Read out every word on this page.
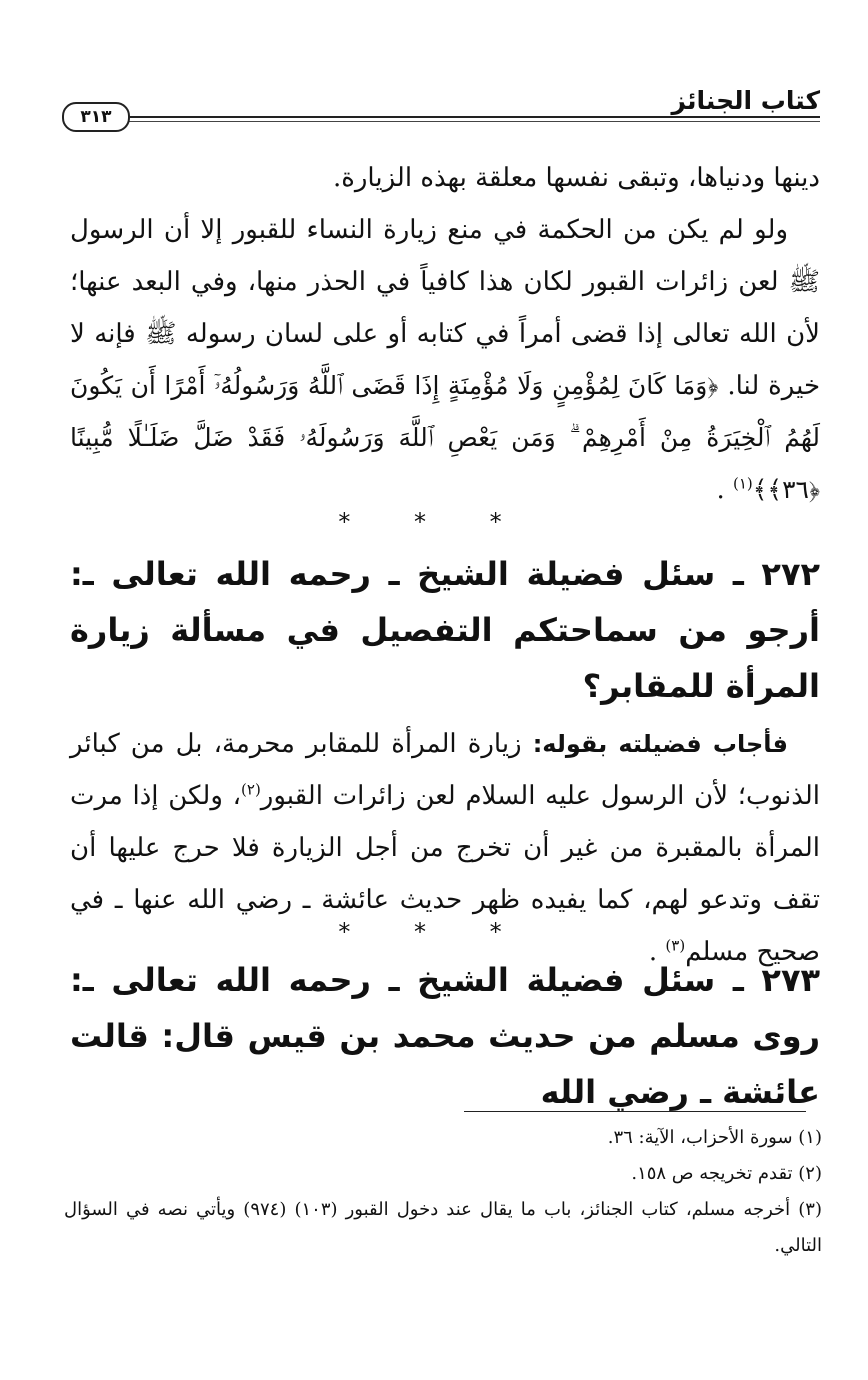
كتاب الجنائز
٣١٣

دينها ودنياها، وتبقى نفسها معلقة بهذه الزيارة.

ولو لم يكن من الحكمة في منع زيارة النساء للقبور إلا أن الرسول ﷺ لعن زائرات القبور لكان هذا كافياً في الحذر منها، وفي البعد عنها؛ لأن الله تعالى إذا قضى أمراً في كتابه أو على لسان رسوله ﷺ فإنه لا خيرة لنا. ﴿وَمَا كَانَ لِمُؤْمِنٍ وَلَا مُؤْمِنَةٍ إِذَا قَضَى ٱللَّهُ وَرَسُولُهُۥٓ أَمْرًا أَن يَكُونَ لَهُمُ ٱلْخِيَرَةُ مِنْ أَمْرِهِمْ ۗ وَمَن يَعْصِ ٱللَّهَ وَرَسُولَهُۥ فَقَدْ ضَلَّ ضَلَـٰلًا مُّبِينًا ﴿٣٦﴾﴾$^{(١)}$ .

* * *

٢٧٢ ـ سئل فضيلة الشيخ ـ رحمه الله تعالى ـ: أرجو من سماحتكم التفصيل في مسألة زيارة المرأة للمقابر؟

فأجاب فضيلته بقوله: زيارة المرأة للمقابر محرمة، بل من كبائر الذنوب؛ لأن الرسول عليه السلام لعن زائرات القبور$^{(٢)}$، ولكن إذا مرت المرأة بالمقبرة من غير أن تخرج من أجل الزيارة فلا حرج عليها أن تقف وتدعو لهم، كما يفيده ظهر حديث عائشة ـ رضي الله عنها ـ في صحيح مسلم$^{(٣)}$ .

* * *

٢٧٣ ـ سئل فضيلة الشيخ ـ رحمه الله تعالى ـ: روى مسلم من حديث محمد بن قيس قال: قالت عائشة ـ رضي الله

(١) سورة الأحزاب، الآية: ٣٦.

(٢) تقدم تخريجه ص ١٥٨.

(٣) أخرجه مسلم، كتاب الجنائز، باب ما يقال عند دخول القبور (١٠٣) (٩٧٤) ويأتي نصه في السؤال التالي.
